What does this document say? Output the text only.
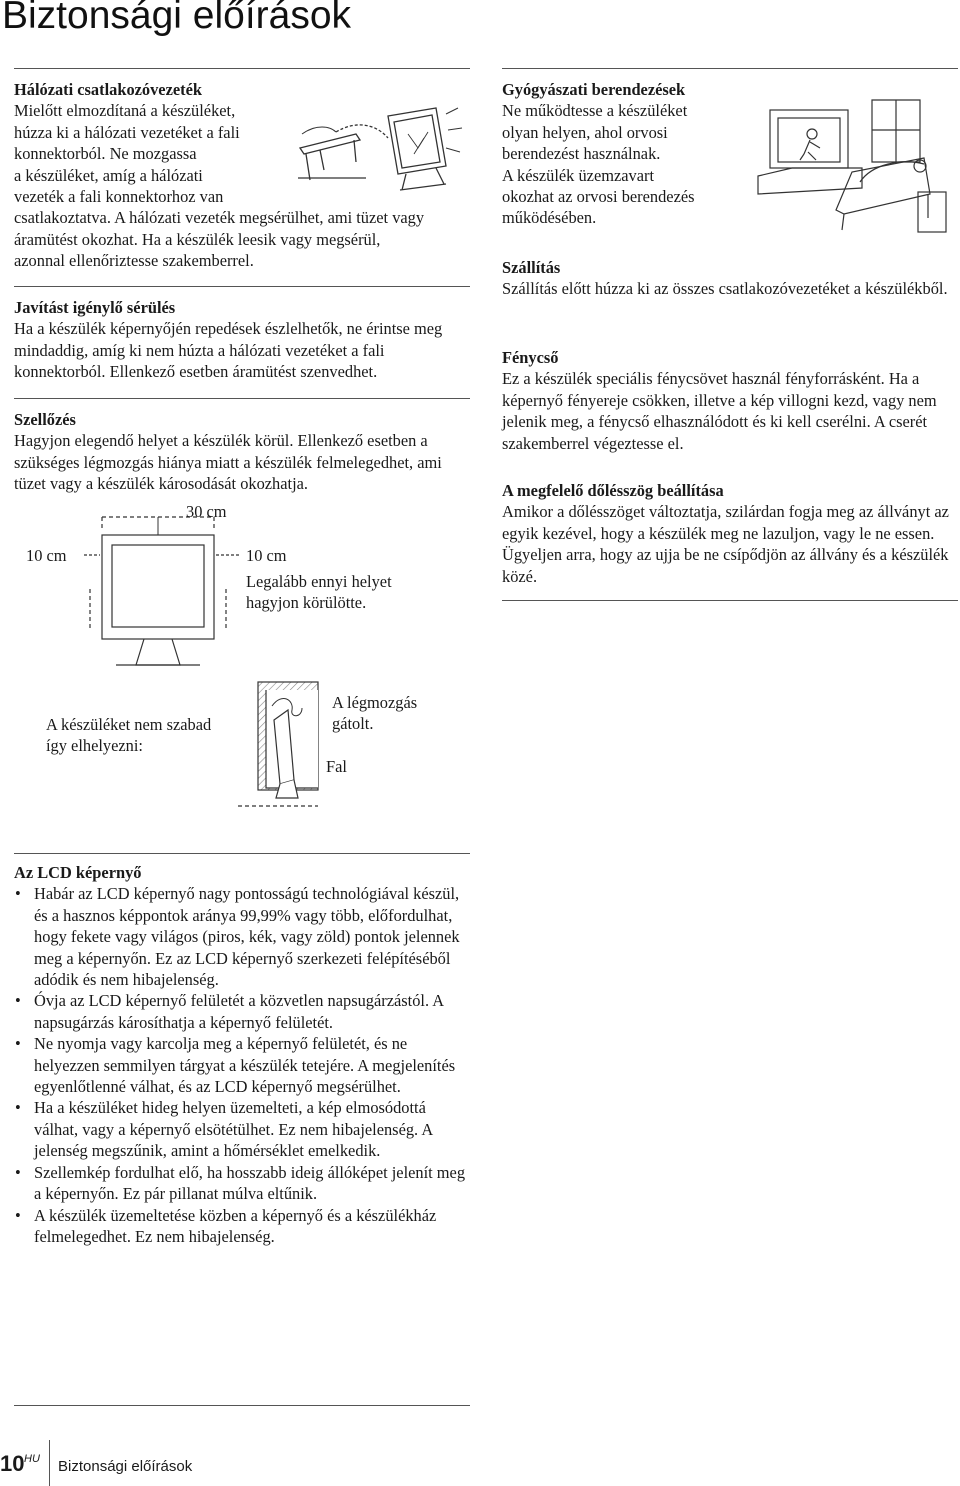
Biztonsági előírások
Hálózati csatlakozóvezeték

Mielőtt elmozdítaná a készüléket,

húzza ki a hálózati vezetéket a fali

konnektorból. Ne mozgassa

a készüléket, amíg a hálózati

vezeték a fali konnektorhoz van

csatlakoztatva. A hálózati vezeték megsérülhet, ami tüzet vagy

áramütést okozhat. Ha a készülék leesik vagy megsérül,

azonnal ellenőriztesse szakemberrel.

Javítást igénylő sérülés

Ha a készülék képernyőjén repedések észlelhetők, ne érintse meg mindaddig, amíg ki nem húzta a hálózati vezetéket a fali konnektorból. Ellenkező esetben áramütést szenvedhet.

Szellőzés

Hagyjon elegendő helyet a készülék körül. Ellenkező esetben a szükséges légmozgás hiánya miatt a készülék felmelegedhet, ami tüzet vagy a készülék károsodását okozhatja.

30 cm
10 cm	10 cm
Legalább ennyi helyet
hagyjon körülötte.
A készüléket nem szabad
így elhelyezni:
A légmozgás
gátolt.
Fal
Gyógyászati berendezések

Ne működtesse a készüléket

olyan helyen, ahol orvosi

berendezést használnak.

A készülék üzemzavart

okozhat az orvosi berendezés

működésében.

Szállítás

Szállítás előtt húzza ki az összes csatlakozóvezetéket a készülékből.

Fénycső

Ez a készülék speciális fénycsövet használ fényforrásként. Ha a képernyő fényereje csökken, illetve a kép villogni kezd, vagy nem jelenik meg, a fénycső elhasználódott és ki kell cserélni. A cserét szakemberrel végeztesse el.

A megfelelő dőlésszög beállítása

Amikor a dőlésszöget változtatja, szilárdan fogja meg az állványt az egyik kezével, hogy a készülék meg ne lazuljon, vagy le ne essen. Ügyeljen arra, hogy az ujja be ne csípődjön az állvány és a készülék közé.

Az LCD képernyő
• Habár az LCD képernyő nagy pontosságú technológiával készül, és a hasznos képpontok aránya 99,99% vagy több, előfordulhat, hogy fekete vagy világos (piros, kék, vagy zöld) pontok jelennek meg a képernyőn. Ez az LCD képernyő szerkezeti felépítéséből adódik és nem hibajelenség.
• Óvja az LCD képernyő felületét a közvetlen napsugárzástól. A napsugárzás károsíthatja a képernyő felületét.
• Ne nyomja vagy karcolja meg a képernyő felületét, és ne helyezzen semmilyen tárgyat a készülék tetejére. A megjelenítés egyenlőtlenné válhat, és az LCD képernyő megsérülhet.
• Ha a készüléket hideg helyen üzemelteti, a kép elmosódottá válhat, vagy a képernyő elsötétülhet. Ez nem hibajelenség. A jelenség megszűnik, amint a hőmérséklet emelkedik.
• Szellemkép fordulhat elő, ha hosszabb ideig állóképet jelenít meg a képernyőn. Ez pár pillanat múlva eltűnik.
• A készülék üzemeltetése közben a képernyő és a készülékház felmelegedhet. Ez nem hibajelenség.
10 HU Biztonsági előírások
